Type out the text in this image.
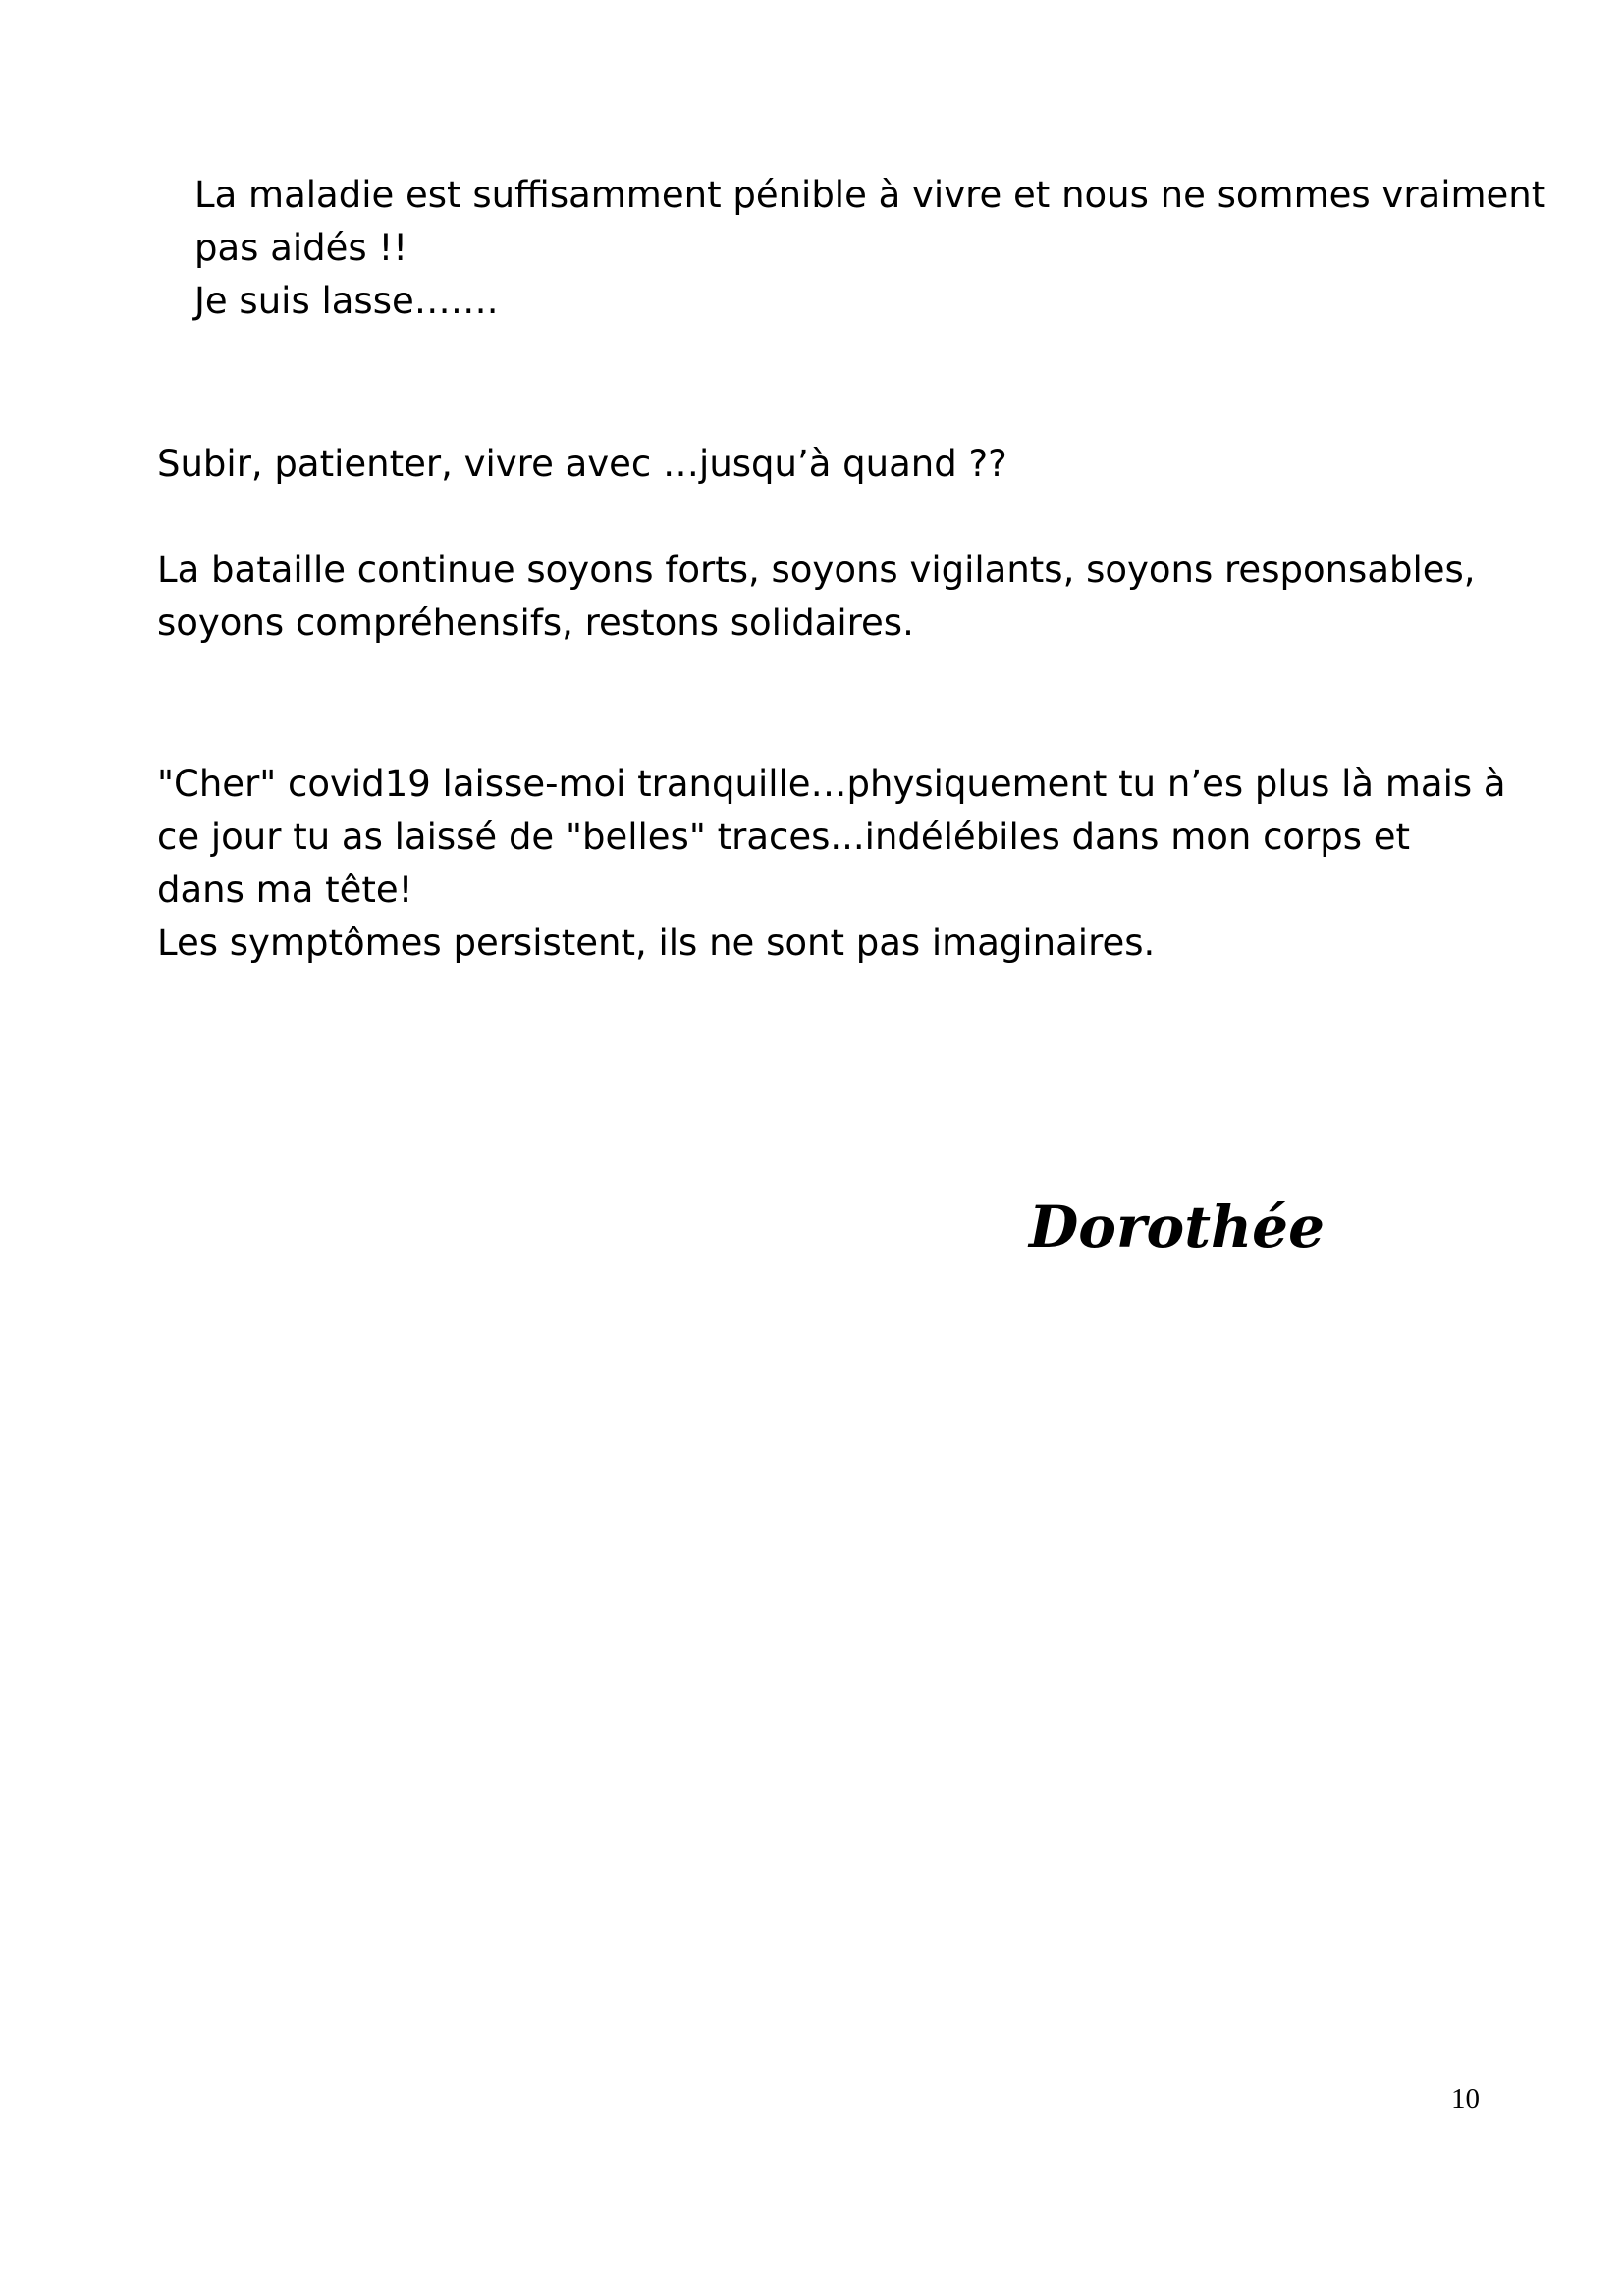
La maladie est suffisamment pénible à vivre et nous ne sommes vraiment
pas aidés !!
Je suis lasse…….
Subir, patienter, vivre avec …jusqu’à quand ??
La bataille continue soyons forts, soyons vigilants, soyons responsables,
soyons compréhensifs, restons solidaires.
"Cher" covid19 laisse-moi tranquille…physiquement tu n’es plus là mais à
ce jour tu as laissé de "belles" traces...indélébiles dans mon corps et
dans ma tête!
Les symptômes persistent, ils ne sont pas imaginaires.
Dorothée
10
